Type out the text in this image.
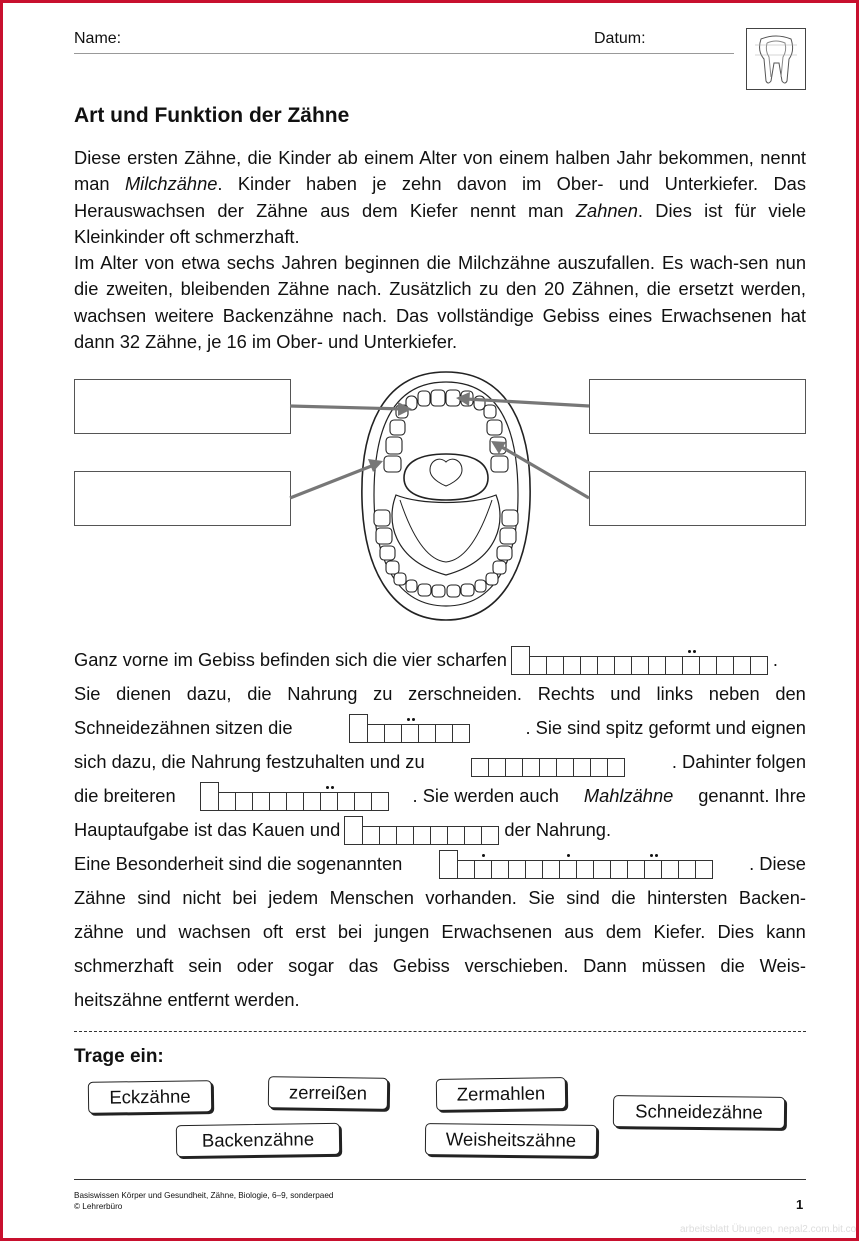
Name:	Datum:
Art und Funktion der Zähne

Diese ersten Zähne, die Kinder ab einem Alter von einem halben Jahr bekommen, nennt man Milchzähne. Kinder haben je zehn davon im Ober- und Unterkiefer. Das Herauswachsen der Zähne aus dem Kiefer nennt man Zahnen. Dies ist für viele Kleinkinder oft schmerzhaft.

Im Alter von etwa sechs Jahren beginnen die Milchzähne auszufallen. Es wach-sen nun die zweiten, bleibenden Zähne nach. Zusätzlich zu den 20 Zähnen, die ersetzt werden, wachsen weitere Backenzähne nach. Das vollständige Gebiss eines Erwachsenen hat dann 32 Zähne, je 16 im Ober- und Unterkiefer.

Ganz vorne im Gebiss befinden sich die vier scharfen	.
Sie dienen dazu, die Nahrung zu zerschneiden. Rechts und links neben den
Schneidezähnen sitzen die	. Sie sind spitz geformt und eignen
sich dazu, die Nahrung festzuhalten und zu	. Dahinter folgen
die breiteren	. Sie werden auch Mahlzähne genannt. Ihre
Hauptaufgabe ist das Kauen und	der Nahrung.
Eine Besonderheit sind die sogenannten	. Diese
Zähne sind nicht bei jedem Menschen vorhanden. Sie sind die hintersten Backen-
zähne und wachsen oft erst bei jungen Erwachsenen aus dem Kiefer. Dies kann
schmerzhaft sein oder sogar das Gebiss verschieben. Dann müssen die Weis-
heitszähne entfernt werden.
Trage ein:
Eckzähne	zerreißen	Zermahlen
Schneidezähne
Backenzähne	Weisheitszähne
Basiswissen Körper und Gesundheit, Zähne, Biologie, 6–9, sonderpaed
© Lehrerbüro	1
arbeitsblatt Übungen, nepal2.com.bit.co
